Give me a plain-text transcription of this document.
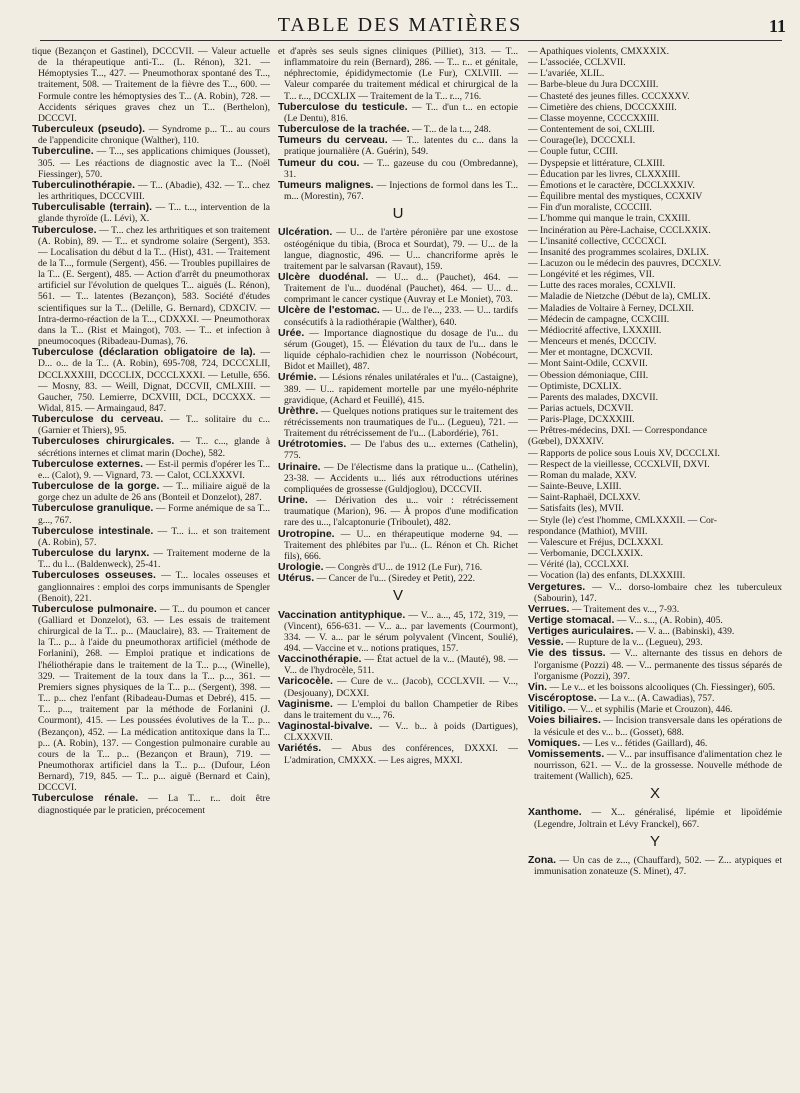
TABLE DES MATIÈRES	11

tique (Bezançon et Gastinel), DCCCVII. — Valeur actuelle de la thérapeutique anti-T... (L. Rénon), 321. — Hémoptysies T..., 427. — Pneumothorax spontané des T..., traitement, 508. — Traitement de la fièvre des T..., 600. — Formule contre les hémoptysies des T... (A. Robin), 728. — Accidents sériques graves chez un T... (Berthelon), DCCCVI.

Tuberculeux (pseudo). — Syndrome p... T... au cours de l'appendicite chronique (Walther), 110.

Tuberculine. — T..., ses applications chimiques (Jousset), 305. — Les réactions de diagnostic avec la T... (Noël Fiessinger), 570.

Tuberculinothérapie. — T... (Abadie), 432. — T... chez les arthritiques, DCCCVIII.

Tuberculisable (terrain). — T... t..., intervention de la glande thyroïde (L. Lévi), X.

Tuberculose. — T... chez les arthritiques et son traitement (A. Robin), 89. — T... et syndrome solaire (Sergent), 353. — Localisation du début d la T... (Hist), 431. — Traitement de la T..., formule (Sergent), 456. — Troubles pupillaires de la T... (E. Sergent), 485. — Action d'arrêt du pneumothorax artificiel sur l'évolution de quelques T... aiguës (L. Rénon), 561. — T... latentes (Bezançon), 583. Société d'études scientifiques sur la T... (Delille, G. Bernard), CDXCIV. — Intra-dermo-réaction de la T..., CDXXXI. — Pneumothorax dans la T... (Rist et Maingot), 703. — T... et infection à pneumocoques (Ribadeau-Dumas), 76.

Tuberculose (déclaration obligatoire de la). — D... o... de la T... (A. Robin), 695-708, 724, DCCCXLII, DCCLXXXIII, DCCCLIX, DCCCLXXXI. — Letulle, 656. — Mosny, 83. — Weill, Dignat, DCCVII, CMLXIII. — Gaucher, 750. Lemierre, DCXVIII, DCL, DCCXXX. — Widal, 815. — Armaingaud, 847.

Tuberculose du cerveau. — T... solitaire du c... (Garnier et Thiers), 95.

Tuberculoses chirurgicales. — T... c..., glande à sécrétions internes et climat marin (Doche), 582.

Tuberculose externes. — Est-il permis d'opérer les T... e... (Calot), 9. — Vignard, 73. — Calot, CCLXXXVI.

Tuberculose de la gorge. — T... miliaire aiguë de la gorge chez un adulte de 26 ans (Bonteil et Donzelot), 287.

Tuberculose granulique. — Forme anémique de sa T... g..., 767.

Tuberculose intestinale. — T... i... et son traitement (A. Robin), 57.

Tuberculose du larynx. — Traitement moderne de la T... du l... (Baldenweck), 25-41.

Tuberculoses osseuses. — T... locales osseuses et ganglionnaires : emploi des corps immunisants de Spengler (Benoit), 221.

Tuberculose pulmonaire. — T... du poumon et cancer (Galliard et Donzelot), 63. — Les essais de traitement chirurgical de la T... p... (Mauclaire), 83. — Traitement de la T... p... à l'aide du pneumothorax artificiel (méthode de Forlanini), 268. — Emploi pratique et indications de l'héliothérapie dans le traitement de la T... p..., (Winelle), 329. — Traitement de la toux dans la T... p..., 361. — Premiers signes physiques de la T... p... (Sergent), 398. — T... p... chez l'enfant (Ribadeau-Dumas et Debré), 415. — T... p..., traitement par la méthode de Forlanini (J. Courmont), 415. — Les poussées évolutives de la T... p... (Bezançon), 452. — La médication antitoxique dans la T... p... (A. Robin), 137. — Congestion pulmonaire curable au cours de la T... p... (Bezançon et Braun), 719. — Pneumothorax artificiel dans la T... p... (Dufour, Léon Bernard), 719, 845. — T... p... aiguë (Bernard et Cain), DCCCVI.

Tuberculose rénale. — La T... r... doit être diagnostiquée par le praticien, précocement

et d'après ses seuls signes cliniques (Pilliet), 313. — T... inflammatoire du rein (Bernard), 286. — T... r... et génitale, néphrectomie, épididymectomie (Le Fur), CXLVIII. — Valeur comparée du traitement médical et chirurgical de la T... r..., DCCXLIX — Traitement de la T... r..., 716.

Tuberculose du testicule. — T... d'un t... en ectopie (Le Dentu), 816.

Tuberculose de la trachée. — T... de la t..., 248.

Tumeurs du cerveau. — T... latentes du c... dans la pratique journalière (A. Guérin), 549.

Tumeur du cou. — T... gazeuse du cou (Ombredanne), 31.

Tumeurs malignes. — Injections de formol dans les T... m... (Morestin), 767.

U

Ulcération. — U... de l'artère péronière par une exostose ostéogénique du tibia, (Broca et Sourdat), 79. — U... de la langue, diagnostic, 496. — U... chancriforme après le traitement par le salvarsan (Ravaut), 159.

Ulcère duodénal. — U... d... (Pauchet), 464. — Traitement de l'u... duodénal (Pauchet), 464. — U... d... comprimant le cancer cystique (Auvray et Le Moniet), 703.

Ulcère de l'estomac. — U... de l'e..., 233. — U... tardifs consécutifs à la radiothérapie (Walther), 640.

Urée. — Importance diagnostique du dosage de l'u... du sérum (Gouget), 15. — Élévation du taux de l'u... dans le liquide céphalo-rachidien chez le nourrisson (Nobécourt, Bidot et Maillet), 487.

Urémie. — Lésions rénales unilatérales et l'u... (Castaigne), 389. — U... rapidement mortelle par une myélo-néphrite gravidique, (Achard et Feuillé), 415.

Urèthre. — Quelques notions pratiques sur le traitement des rétrécissements non traumatiques de l'u... (Legueu), 721. — Traitement du rétrécissement de l'u... (Labordérie), 761.

Urétrotomies. — De l'abus des u... externes (Cathelin), 775.

Urinaire. — De l'électisme dans la pratique u... (Cathelin), 23-38. — Accidents u... liés aux rétroductions utérines compliquées de grossesse (Guldjoglou), DCCCVII.

Urine. — Dérivation des u... voir : rétrécissement traumatique (Marion), 96. — À propos d'une modification rare des u..., l'alcaptonurie (Triboulet), 482.

Urotropine. — U... en thérapeutique moderne 94. — Traitement des phlébites par l'u... (L. Rénon et Ch. Richet fils), 666.

Urologie. — Congrès d'U... de 1912 (Le Fur), 716.

Utérus. — Cancer de l'u... (Siredey et Petit), 222.

V

Vaccination antityphique. — V... a..., 45, 172, 319, — (Vincent), 656-631. — V... a... par lavements (Courmont), 334. — V. a... par le sérum polyvalent (Vincent, Soulié), 494. — Vaccine et v... notions pratiques, 157.

Vaccinothérapie. — État actuel de la v... (Mauté), 98. — V... de l'hydrocèle, 511.

Varicocèle. — Cure de v... (Jacob), CCCLXVII. — V..., (Desjouany), DCXXI.

Vaginisme. — L'emploi du ballon Champetier de Ribes dans le traitement du v..., 76.

Vaginostal-bivalve. — V... b... à poids (Dartigues), CLXXXVII.

Variétés. — Abus des conférences, DXXXI. — L'admiration, CMXXX. — Les aigres, MXXI.

— Apathiques violents, CMXXXIX.

— L'associée, CCLXVII.

— L'avariée, XLIL.

— Barbe-bleue du Jura DCCXIII.

— Chasteté des jeunes filles. CCCXXXV.

— Cimetière des chiens, DCCCXXIII.

— Classe moyenne, CCCCXXIII.

— Contentement de soi, CXLIII.

— Courage(le), DCCCXLI.

— Couple futur, CCIII.

— Dyspepsie et littérature, CLXIII.

— Éducation par les livres, CLXXXIII.

— Émotions et le caractère, DCCLXXXIV.

— Équilibre mental des mystiques, CCXXIV

— Fin d'un moraliste, CCCCIII.

— L'homme qui manque le train, CXXIII.

— Incinération au Père-Lachaise, CCCLXXIX.

— L'insanité collective, CCCCXCI.

— Insanité des programmes scolaires, DXLIX.

— Lacuzon ou le médecin des pauvres, DCCXLV.

— Longévité et les régimes, VII.

— Lutte des races morales, CCXLVII.

— Maladie de Nietzche (Début de la), CMLIX.

— Maladies de Voltaire à Ferney, DCLXII.

— Médecin de campagne, CCXCIII.

— Médiocrité affective, LXXXIII.

— Menceurs et menés, DCCCIV.

— Mer et montagne, DCXCVII.

— Mont Saint-Odile, CCXVII.

— Obession démoniaque, CIII.

— Optimiste, DCXLIX.

— Parents des malades, DXCVII.

— Parias actuels, DCXVII.

— Paris-Plage, DCXXXIII.

— Prêtres-médecins, DXI. — Correspondance

(Gœbel), DXXXIV.

— Rapports de police sous Louis XV, DCCCLXI.

— Respect de la vieillesse, CCCXLVII, DXVI.

— Roman du malade, XXV.

— Sainte-Beuve, LXIII.

— Saint-Raphaël, DCLXXV.

— Satisfaits (les), MVII.

— Style (le) c'est l'homme, CMLXXXII. — Cor-

respondance (Mathiot), MVIII.

— Valescure et Fréjus, DCLXXXI.

— Verbomanie, DCCLXXIX.

— Vérité (la), CCCLXXI.

— Vocation (la) des enfants, DLXXXIII.

Vergetures. — V... dorso-lombaire chez les tuberculeux (Sabourin), 147.

Verrues. — Traitement des v..., 7-93.

Vertige stomacal. — V... s..., (A. Robin), 405.

Vertiges auriculaires. — V. a... (Babinski), 439.

Vessie. — Rupture de la v... (Legueu), 293.

Vie des tissus. — V... alternante des tissus en dehors de l'organisme (Pozzi) 48. — V... permanente des tissus séparés de l'organisme (Pozzi), 397.

Vin. — Le v... et les boissons alcooliques (Ch. Fiessinger), 605.

Viscéroptose. — La v... (A. Cawadias), 757.

Vitiligo. — V... et syphilis (Marie et Crouzon), 446.

Voies biliaires. — Incision transversale dans les opérations de la vésicule et des v... b... (Gosset), 688.

Vomiques. — Les v... fétides (Gaillard), 46.

Vomissements. — V... par insuffisance d'alimentation chez le nourrisson, 621. — V... de la grossesse. Nouvelle méthode de traitement (Wallich), 625.

X

Xanthome. — X... généralisé, lipémie et lipoïdémie (Legendre, Joltrain et Lévy Franckel), 667.

Y

Zona. — Un cas de z..., (Chauffard), 502. — Z... atypiques et immunisation zonateuze (S. Minet), 47.
